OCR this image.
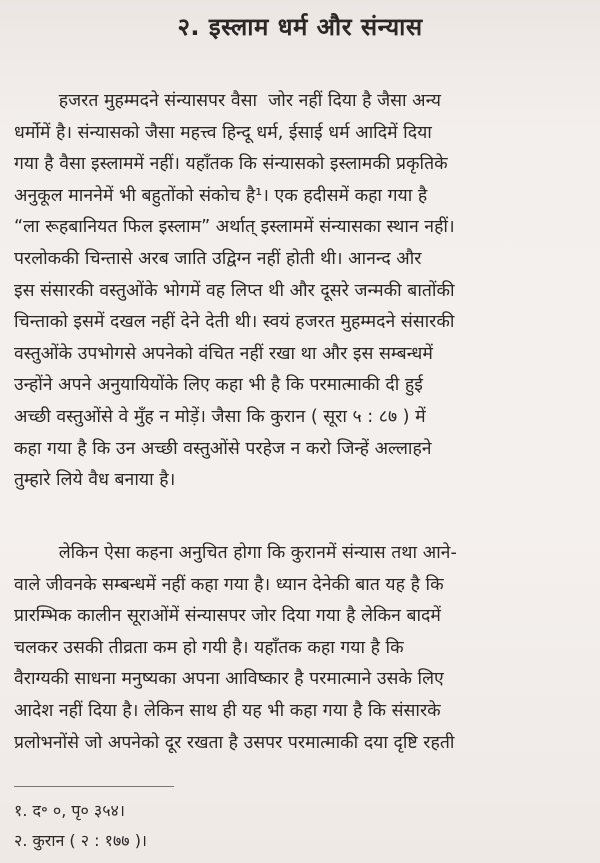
२. इस्लाम धर्म और संन्यास
हजरत मुहम्मदने संन्यासपर वैसा  जोर नहीं दिया है जैसा अन्य
धर्मोमें है। संन्यासको जैसा महत्त्व हिन्दू धर्म, ईसाई धर्म आदिमें दिया
गया है वैसा इस्लाममें नहीं। यहाँतक कि संन्यासको इस्लामकी प्रकृतिके
अनुकूल माननेमें भी बहुतोंको संकोच है¹। एक हदीसमें कहा गया है
“ला रूहबानियत फिल इस्लाम” अर्थात् इस्लाममें संन्यासका स्थान नहीं।
परलोककी चिन्तासे अरब जाति उद्विग्न नहीं होती थी। आनन्द और
इस संसारकी वस्तुओंके भोगमें वह लिप्त थी और दूसरे जन्मकी बातोंकी
चिन्ताको इसमें दखल नहीं देने देती थी। स्वयं हजरत मुहम्मदने संसारकी
वस्तुओंके उपभोगसे अपनेको वंचित नहीं रखा था और इस सम्बन्धमें
उन्होंने अपने अनुयायियोंके लिए कहा भी है कि परमात्माकी दी हुई
अच्छी वस्तुओंसे वे मुँह न मोड़ें। जैसा कि कुरान ( सूरा ५ : ८७ ) में
कहा गया है कि उन अच्छी वस्तुओंसे परहेज न करो जिन्हें अल्लाहने
तुम्हारे लिये वैध बनाया है।
लेकिन ऐसा कहना अनुचित होगा कि कुरानमें संन्यास तथा आने-
वाले जीवनके सम्बन्धमें नहीं कहा गया है। ध्यान देनेकी बात यह है कि
प्रारम्भिक कालीन सूराओंमें संन्यासपर जोर दिया गया है लेकिन बादमें
चलकर उसकी तीव्रता कम हो गयी है। यहाँतक कहा गया है कि
वैराग्यकी साधना मनुष्यका अपना आविष्कार है परमात्माने उसके लिए
आदेश नहीं दिया है। लेकिन साथ ही यह भी कहा गया है कि संसारके
प्रलोभनोंसे जो अपनेको दूर रखता है उसपर परमात्माकी दया दृष्टि रहती
१. द॰ ०, पृ० ३५४।
२. कुरान ( २ : १७७ )।
